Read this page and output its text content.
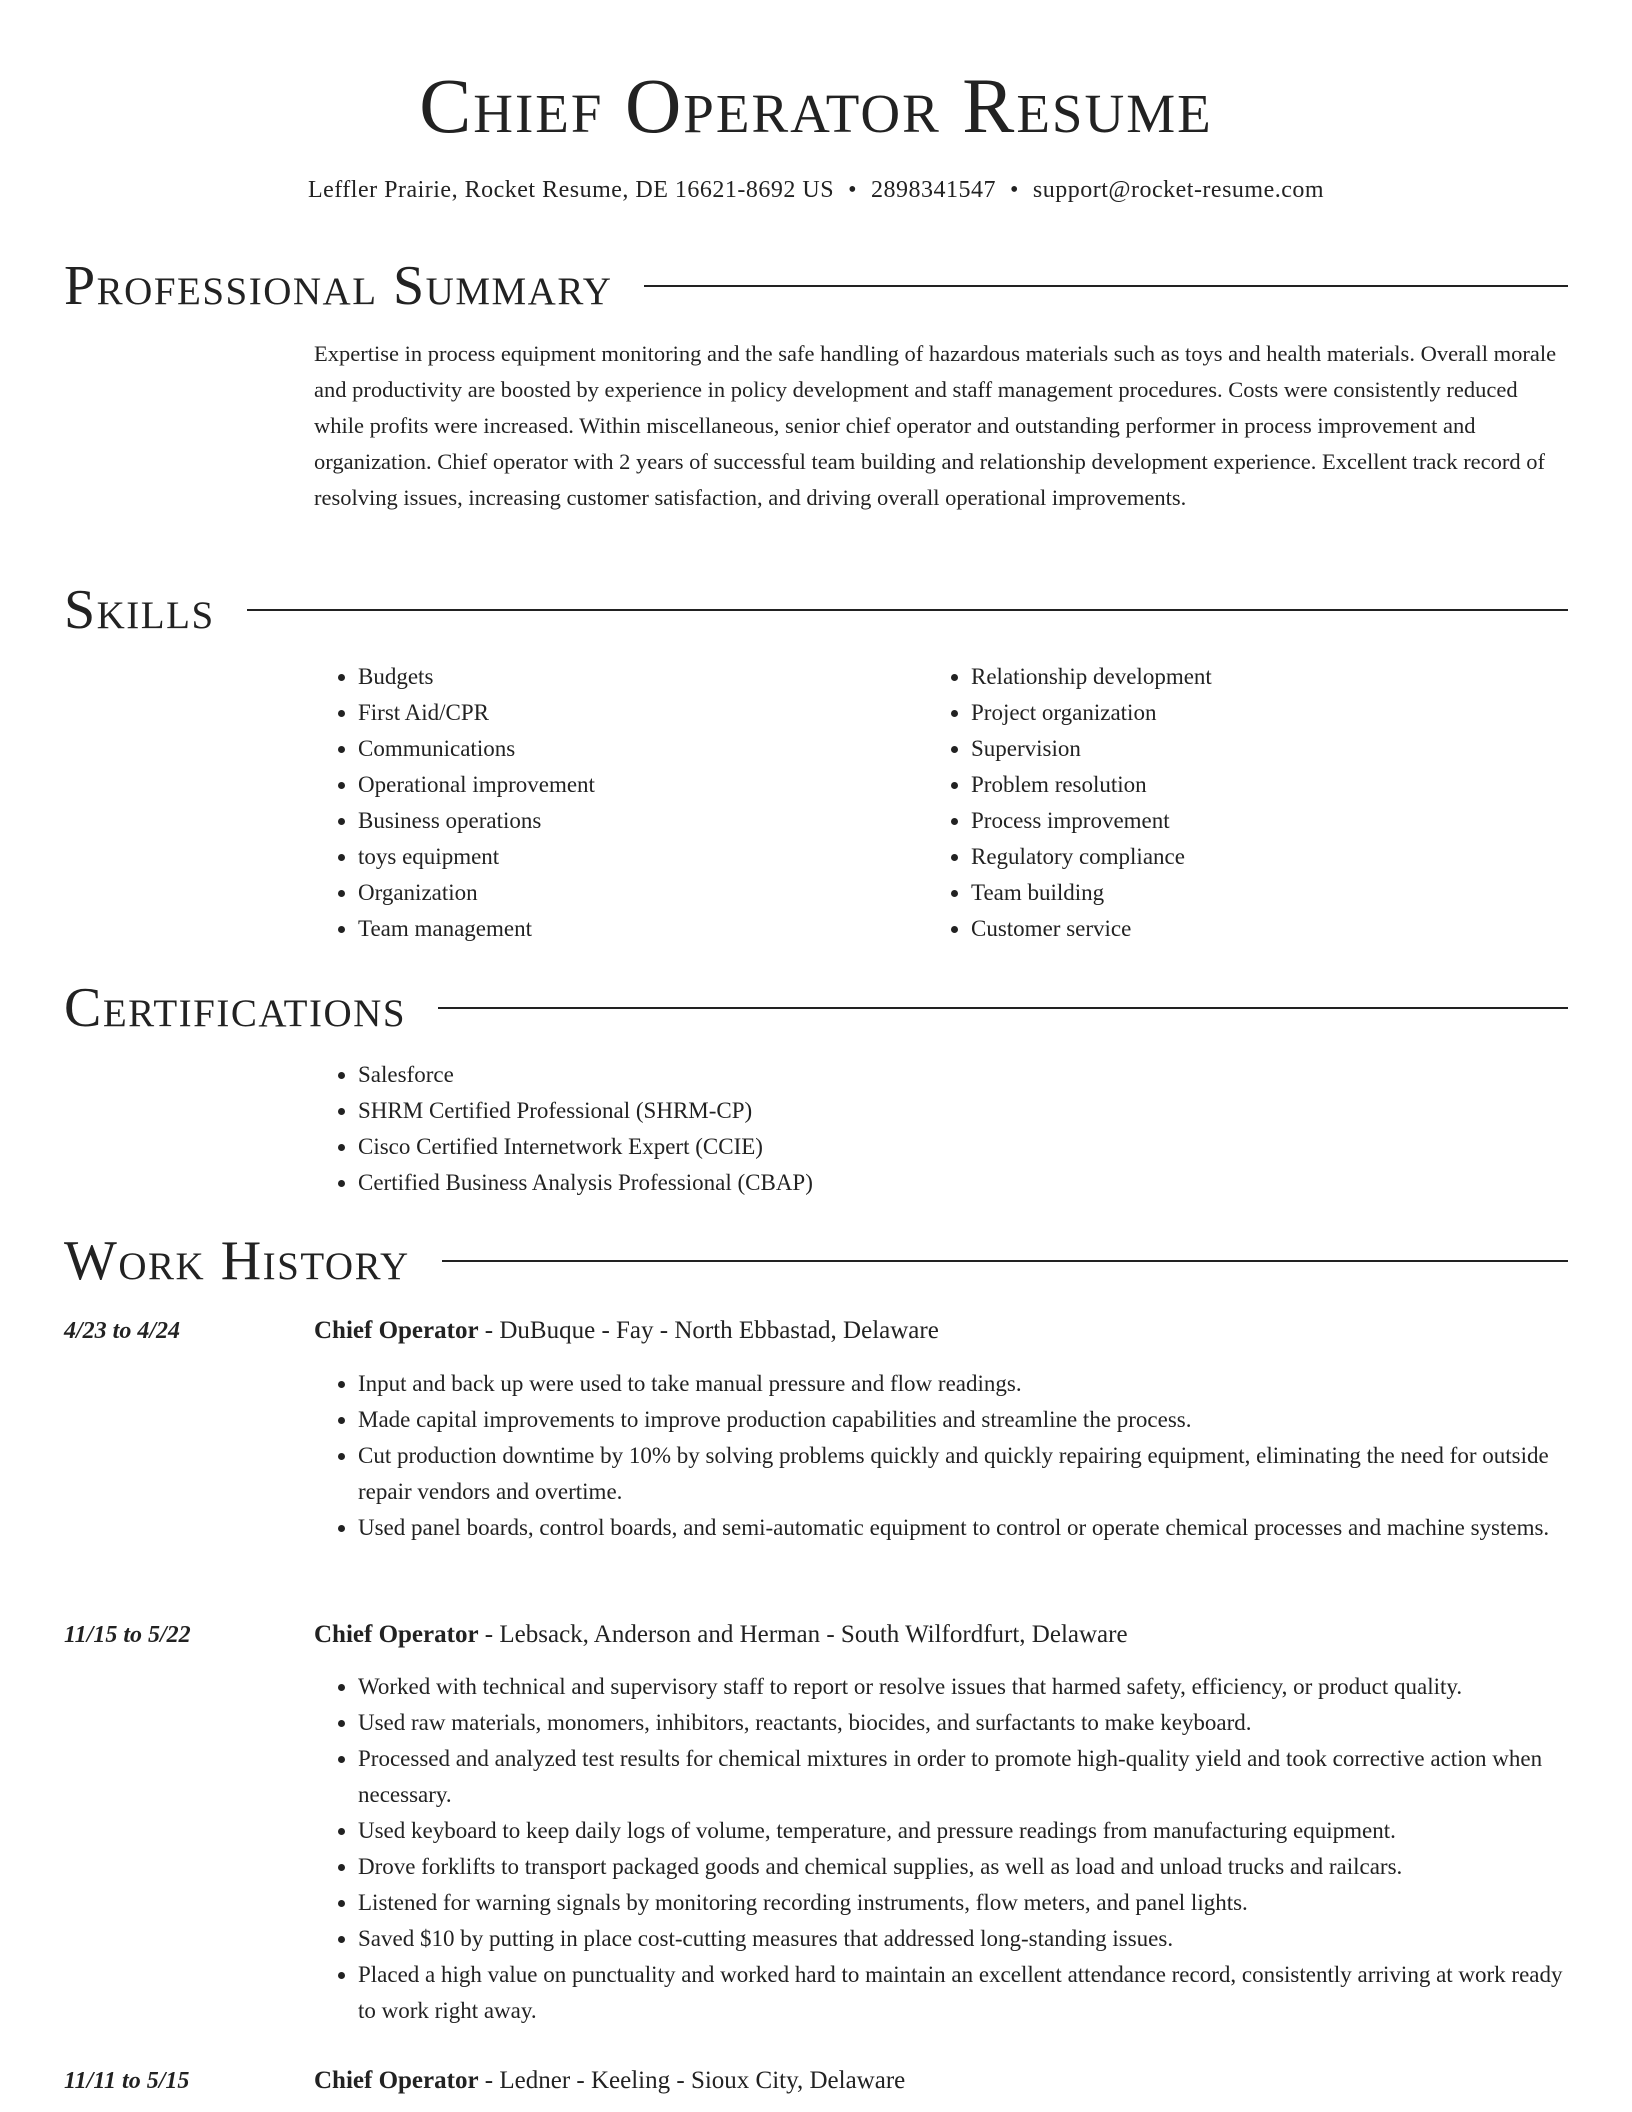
Chief Operator Resume
Leffler Prairie, Rocket Resume, DE 16621-8692 US • 2898341547 • support@rocket-resume.com
Professional Summary

Expertise in process equipment monitoring and the safe handling of hazardous materials such as toys and health materials. Overall morale and productivity are boosted by experience in policy development and staff management procedures. Costs were consistently reduced while profits were increased. Within miscellaneous, senior chief operator and outstanding performer in process improvement and organization. Chief operator with 2 years of successful team building and relationship development experience. Excellent track record of resolving issues, increasing customer satisfaction, and driving overall operational improvements.

Skills
• Budgets
• First Aid/CPR
• Communications
• Operational improvement
• Business operations
• toys equipment
• Organization
• Team management
• Relationship development
• Project organization
• Supervision
• Problem resolution
• Process improvement
• Regulatory compliance
• Team building
• Customer service
Certifications
• Salesforce
• SHRM Certified Professional (SHRM-CP)
• Cisco Certified Internetwork Expert (CCIE)
• Certified Business Analysis Professional (CBAP)
Work History
4/23 to 4/24	Chief Operator - DuBuque - Fay - North Ebbastad, Delaware
• Input and back up were used to take manual pressure and flow readings.
• Made capital improvements to improve production capabilities and streamline the process.
• Cut production downtime by 10% by solving problems quickly and quickly repairing equipment, eliminating the need for outside repair vendors and overtime.
• Used panel boards, control boards, and semi-automatic equipment to control or operate chemical processes and machine systems.
11/15 to 5/22	Chief Operator - Lebsack, Anderson and Herman - South Wilfordfurt, Delaware
• Worked with technical and supervisory staff to report or resolve issues that harmed safety, efficiency, or product quality.
• Used raw materials, monomers, inhibitors, reactants, biocides, and surfactants to make keyboard.
• Processed and analyzed test results for chemical mixtures in order to promote high-quality yield and took corrective action when necessary.
• Used keyboard to keep daily logs of volume, temperature, and pressure readings from manufacturing equipment.
• Drove forklifts to transport packaged goods and chemical supplies, as well as load and unload trucks and railcars.
• Listened for warning signals by monitoring recording instruments, flow meters, and panel lights.
• Saved $10 by putting in place cost-cutting measures that addressed long-standing issues.
• Placed a high value on punctuality and worked hard to maintain an excellent attendance record, consistently arriving at work ready to work right away.
11/11 to 5/15	Chief Operator - Ledner - Keeling - Sioux City, Delaware
